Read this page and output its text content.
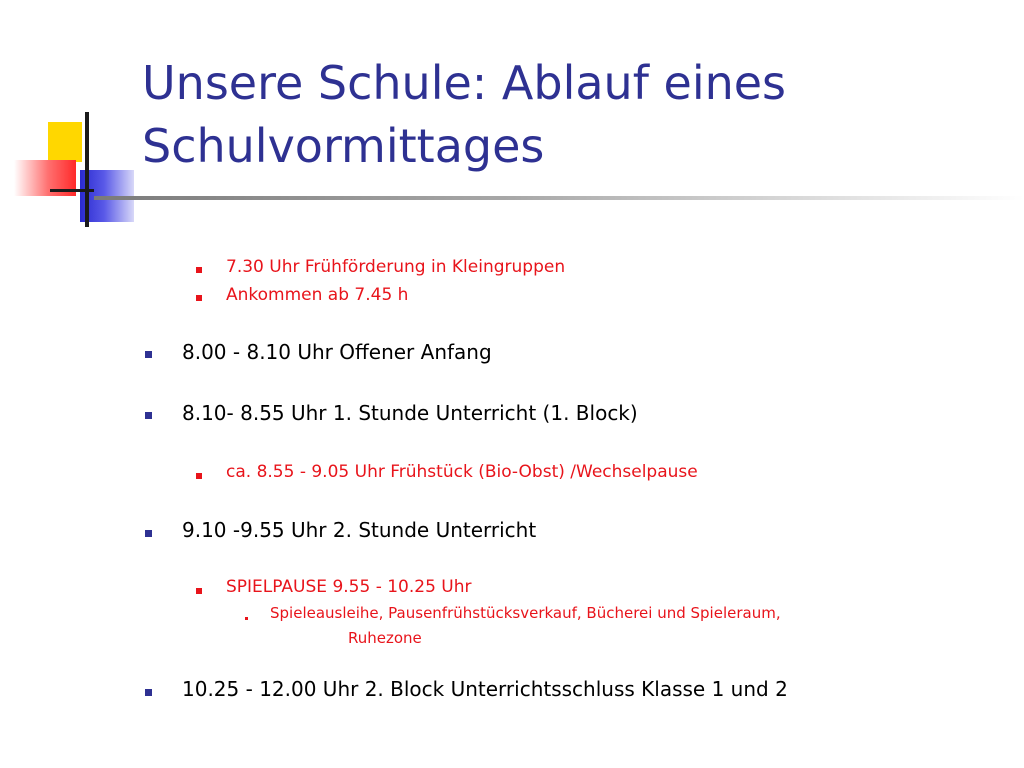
Unsere Schule: Ablauf eines
Schulvormittages
7.30 Uhr Frühförderung in Kleingruppen
Ankommen ab 7.45 h
8.00 - 8.10 Uhr Offener Anfang
8.10- 8.55 Uhr 1. Stunde Unterricht (1. Block)
ca. 8.55 - 9.05 Uhr Frühstück (Bio-Obst) /Wechselpause
9.10 -9.55 Uhr 2. Stunde Unterricht
SPIELPAUSE 9.55 - 10.25 Uhr
Spieleausleihe, Pausenfrühstücksverkauf, Bücherei und Spieleraum,
Ruhezone
10.25 - 12.00 Uhr 2. Block Unterrichtsschluss Klasse 1 und 2
